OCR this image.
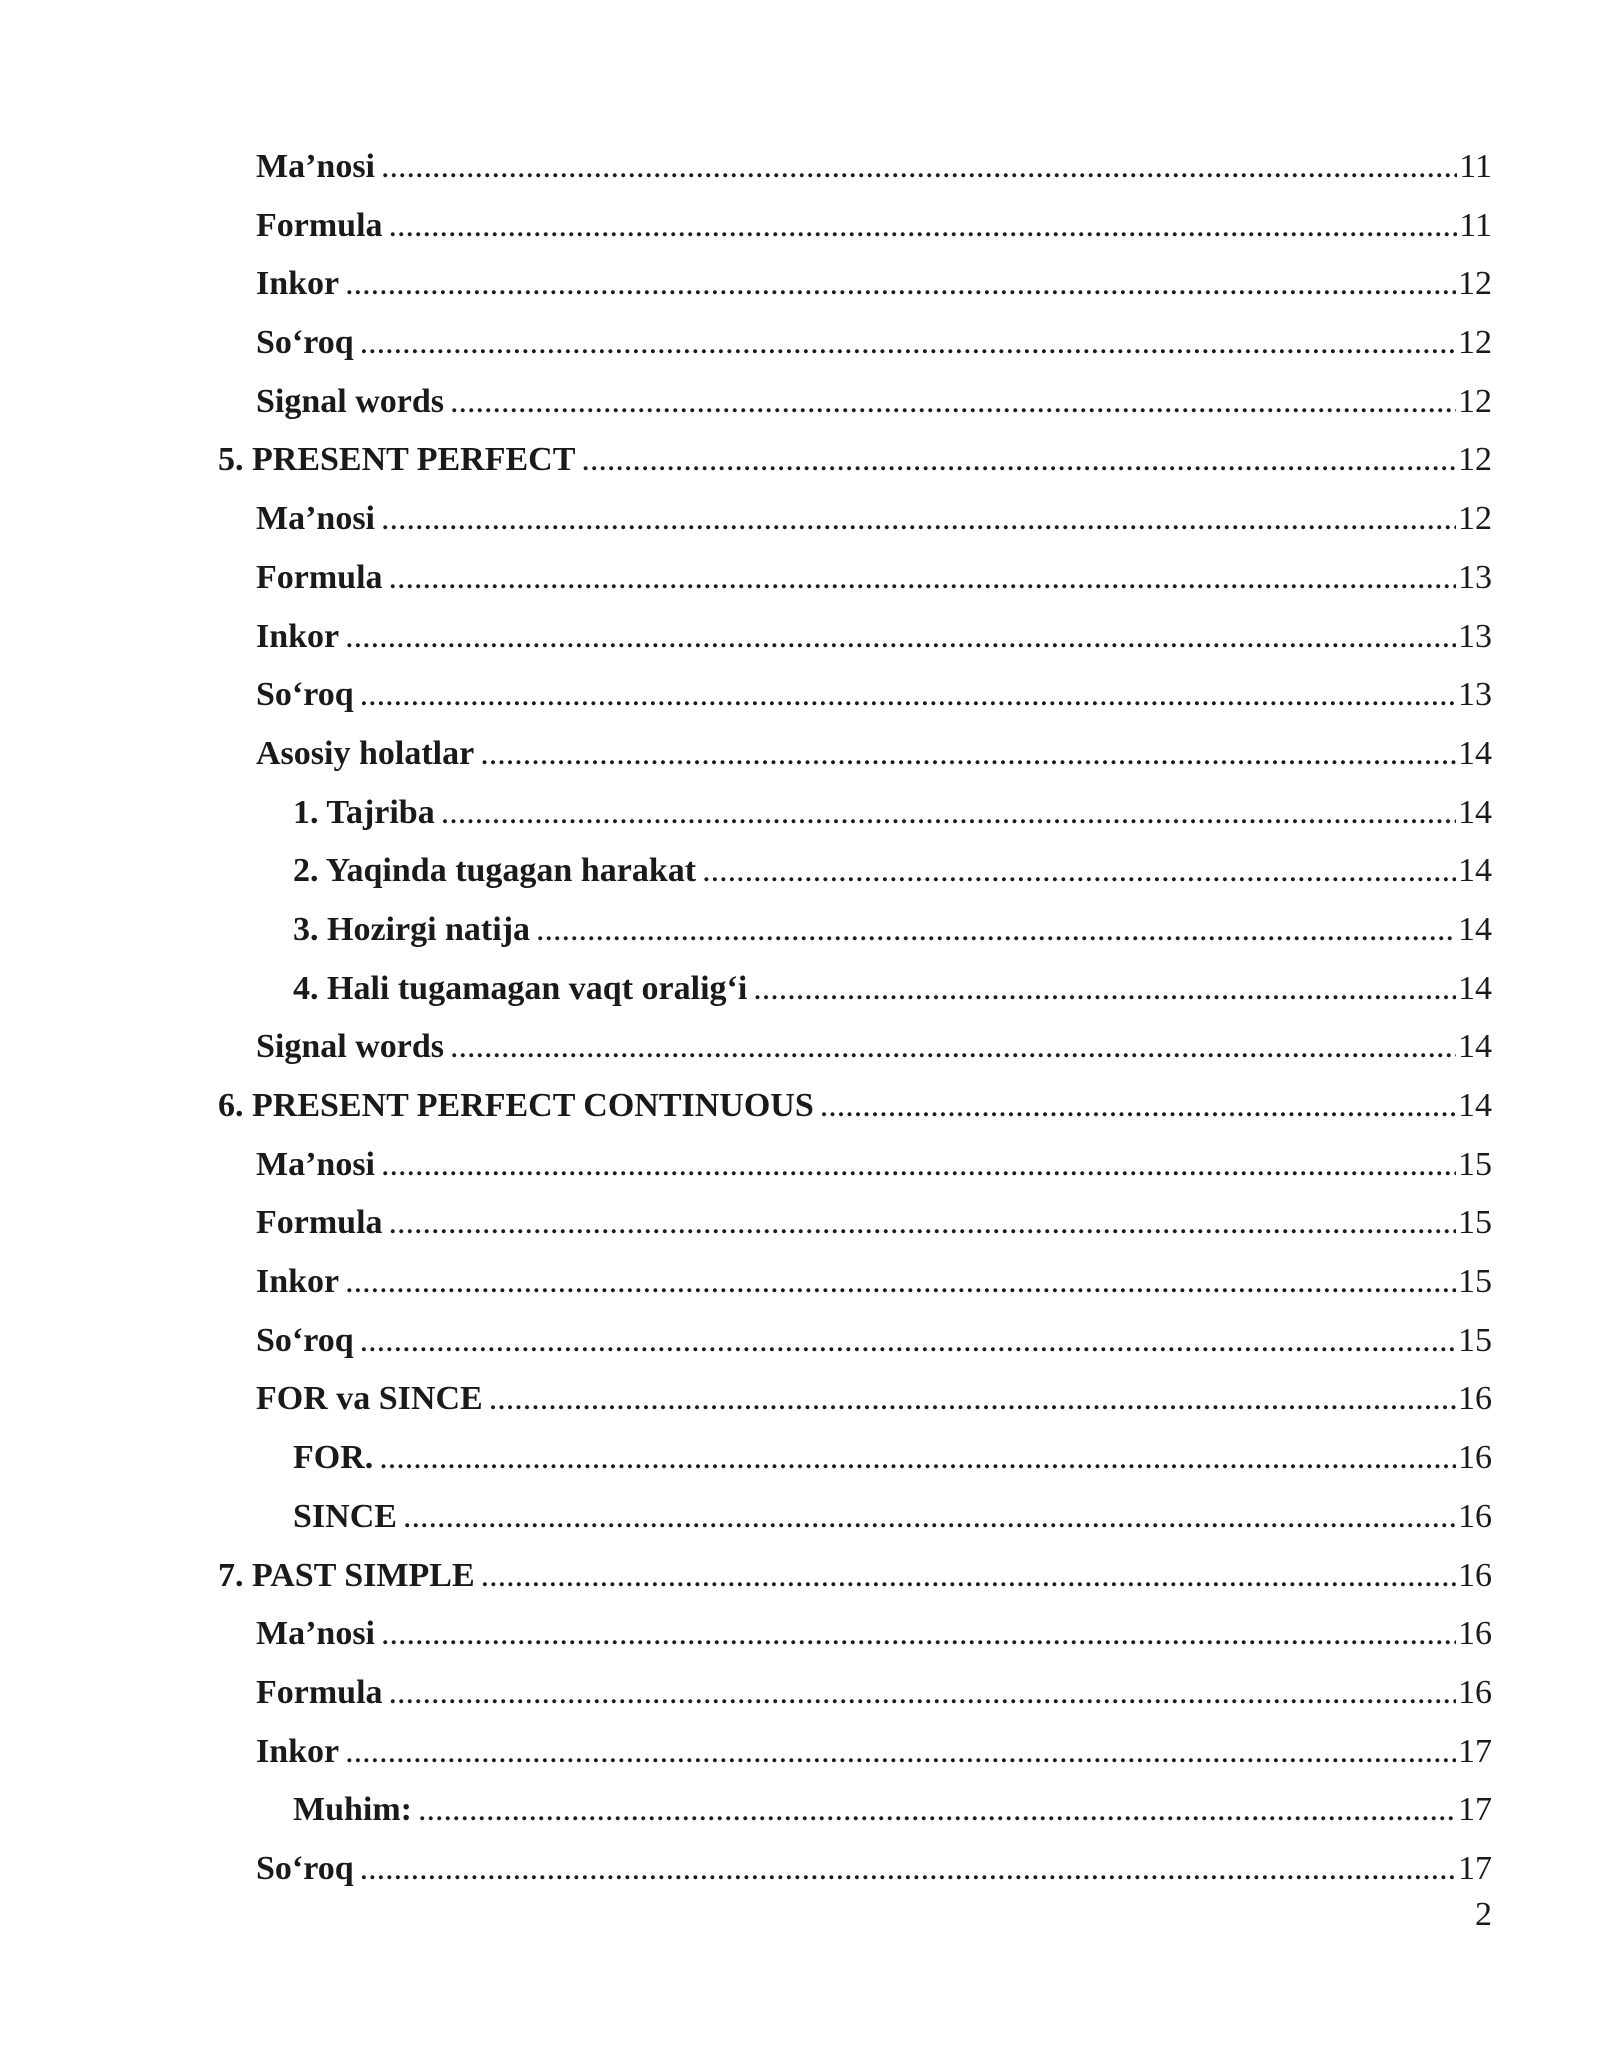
Ma’nosi .....	11
Formula .....	11
Inkor .....	12
So‘roq .....	12
Signal words .....	12
5. PRESENT PERFECT .....	12
Ma’nosi .....	12
Formula .....	13
Inkor .....	13
So‘roq .....	13
Asosiy holatlar .....	14
1. Tajriba .....	14
2. Yaqinda tugagan harakat .....	14
3. Hozirgi natija .....	14
4. Hali tugamagan vaqt oralig‘i .....	14
Signal words .....	14
6. PRESENT PERFECT CONTINUOUS .....	14
Ma’nosi .....	15
Formula .....	15
Inkor .....	15
So‘roq .....	15
FOR va SINCE .....	16
FOR. .....	16
SINCE .....	16
7. PAST SIMPLE .....	16
Ma’nosi .....	16
Formula .....	16
Inkor .....	17
Muhim: .....	17
So‘roq .....	17
2
